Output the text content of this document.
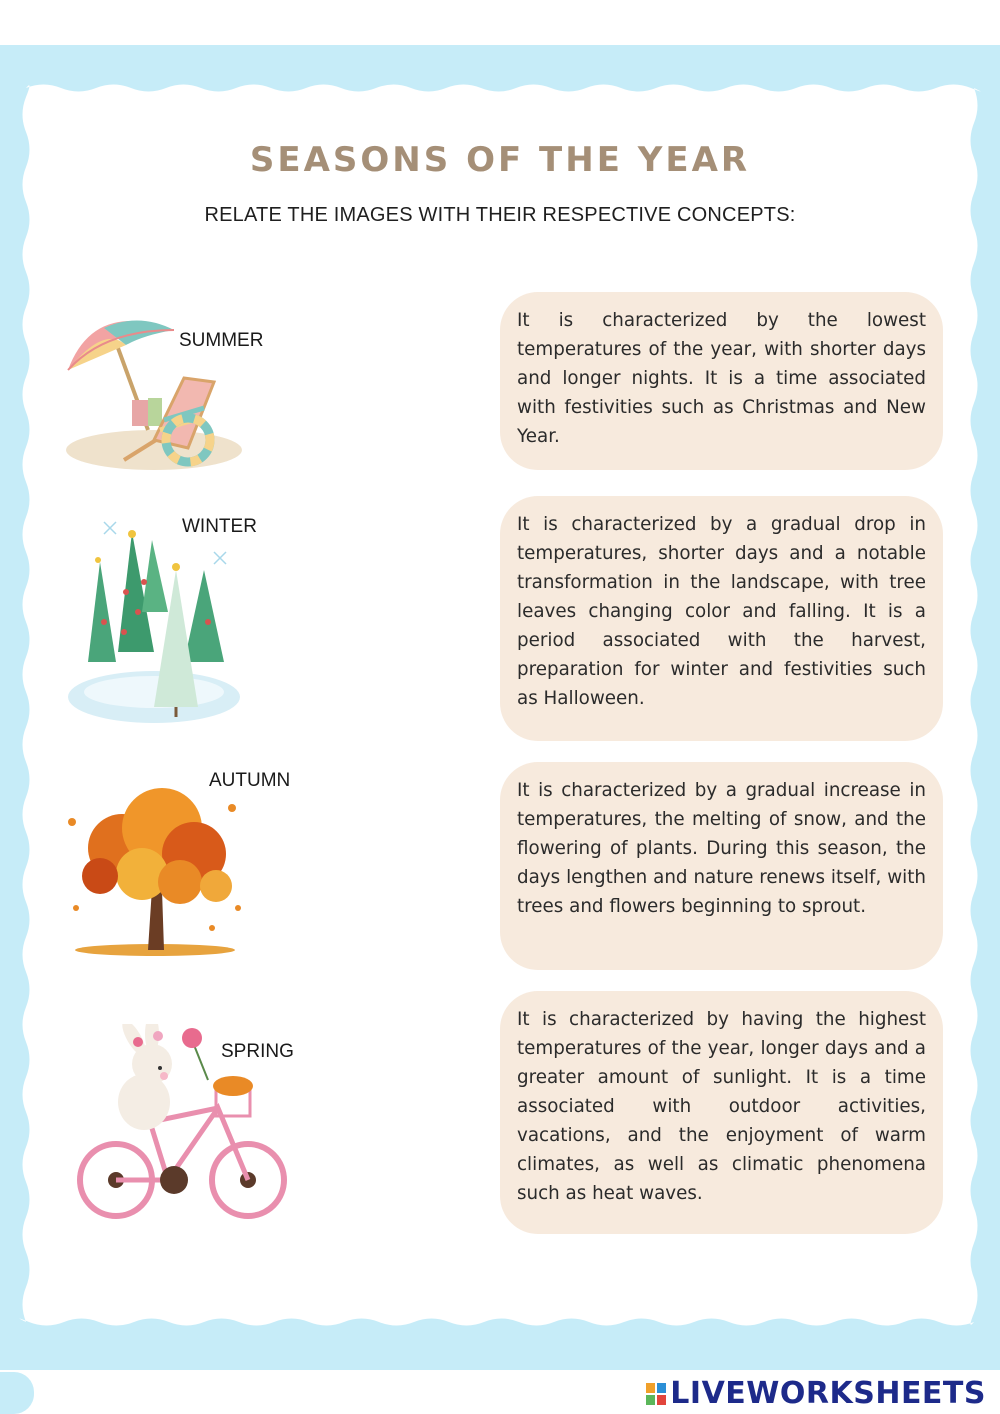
SEASONS OF THE YEAR
RELATE THE IMAGES WITH THEIR RESPECTIVE CONCEPTS:
SUMMER
WINTER
AUTUMN
SPRING

It is characterized by the lowest temperatures of the year, with shorter days and longer nights. It is a time associated with festivities such as Christmas and New Year.

It is characterized by a gradual drop in temperatures, shorter days and a notable transformation in the landscape, with tree leaves changing color and falling. It is a period associated with the harvest, preparation for winter and festivities such as Halloween.

It is characterized by a gradual increase in temperatures, the melting of snow, and the flowering of plants. During this season, the days lengthen and nature renews itself, with trees and flowers beginning to sprout.

It is characterized by having the highest temperatures of the year, longer days and a greater amount of sunlight. It is a time associated with outdoor activities, vacations, and the enjoyment of warm climates, as well as climatic phenomena such as heat waves.

LIVEWORKSHEETS
